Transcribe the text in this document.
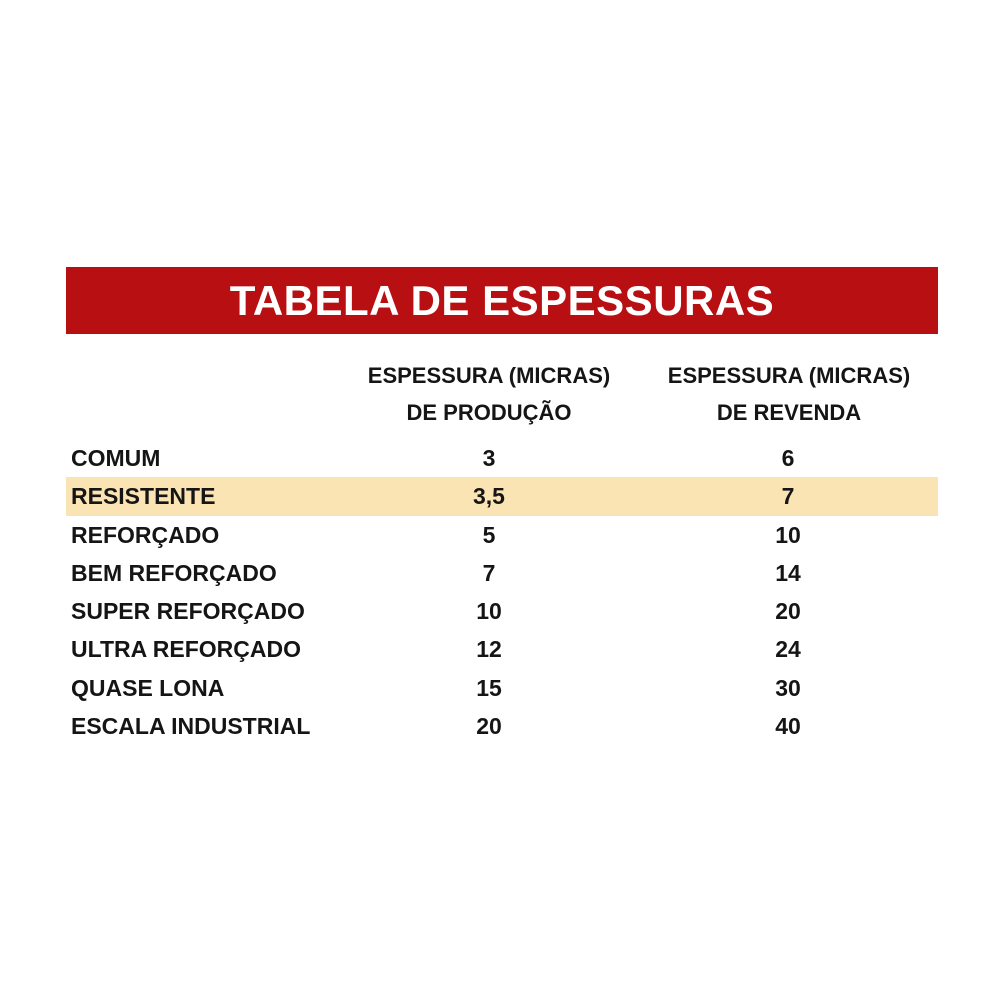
TABELA DE ESPESSURAS
ESPESSURA (MICRAS)
DE PRODUÇÃO
ESPESSURA (MICRAS)
DE REVENDA
COMUM	3	6
RESISTENTE	3,5	7
REFORÇADO	5	10
BEM REFORÇADO	7	14
SUPER REFORÇADO	10	20
ULTRA REFORÇADO	12	24
QUASE LONA	15	30
ESCALA INDUSTRIAL	20	40
